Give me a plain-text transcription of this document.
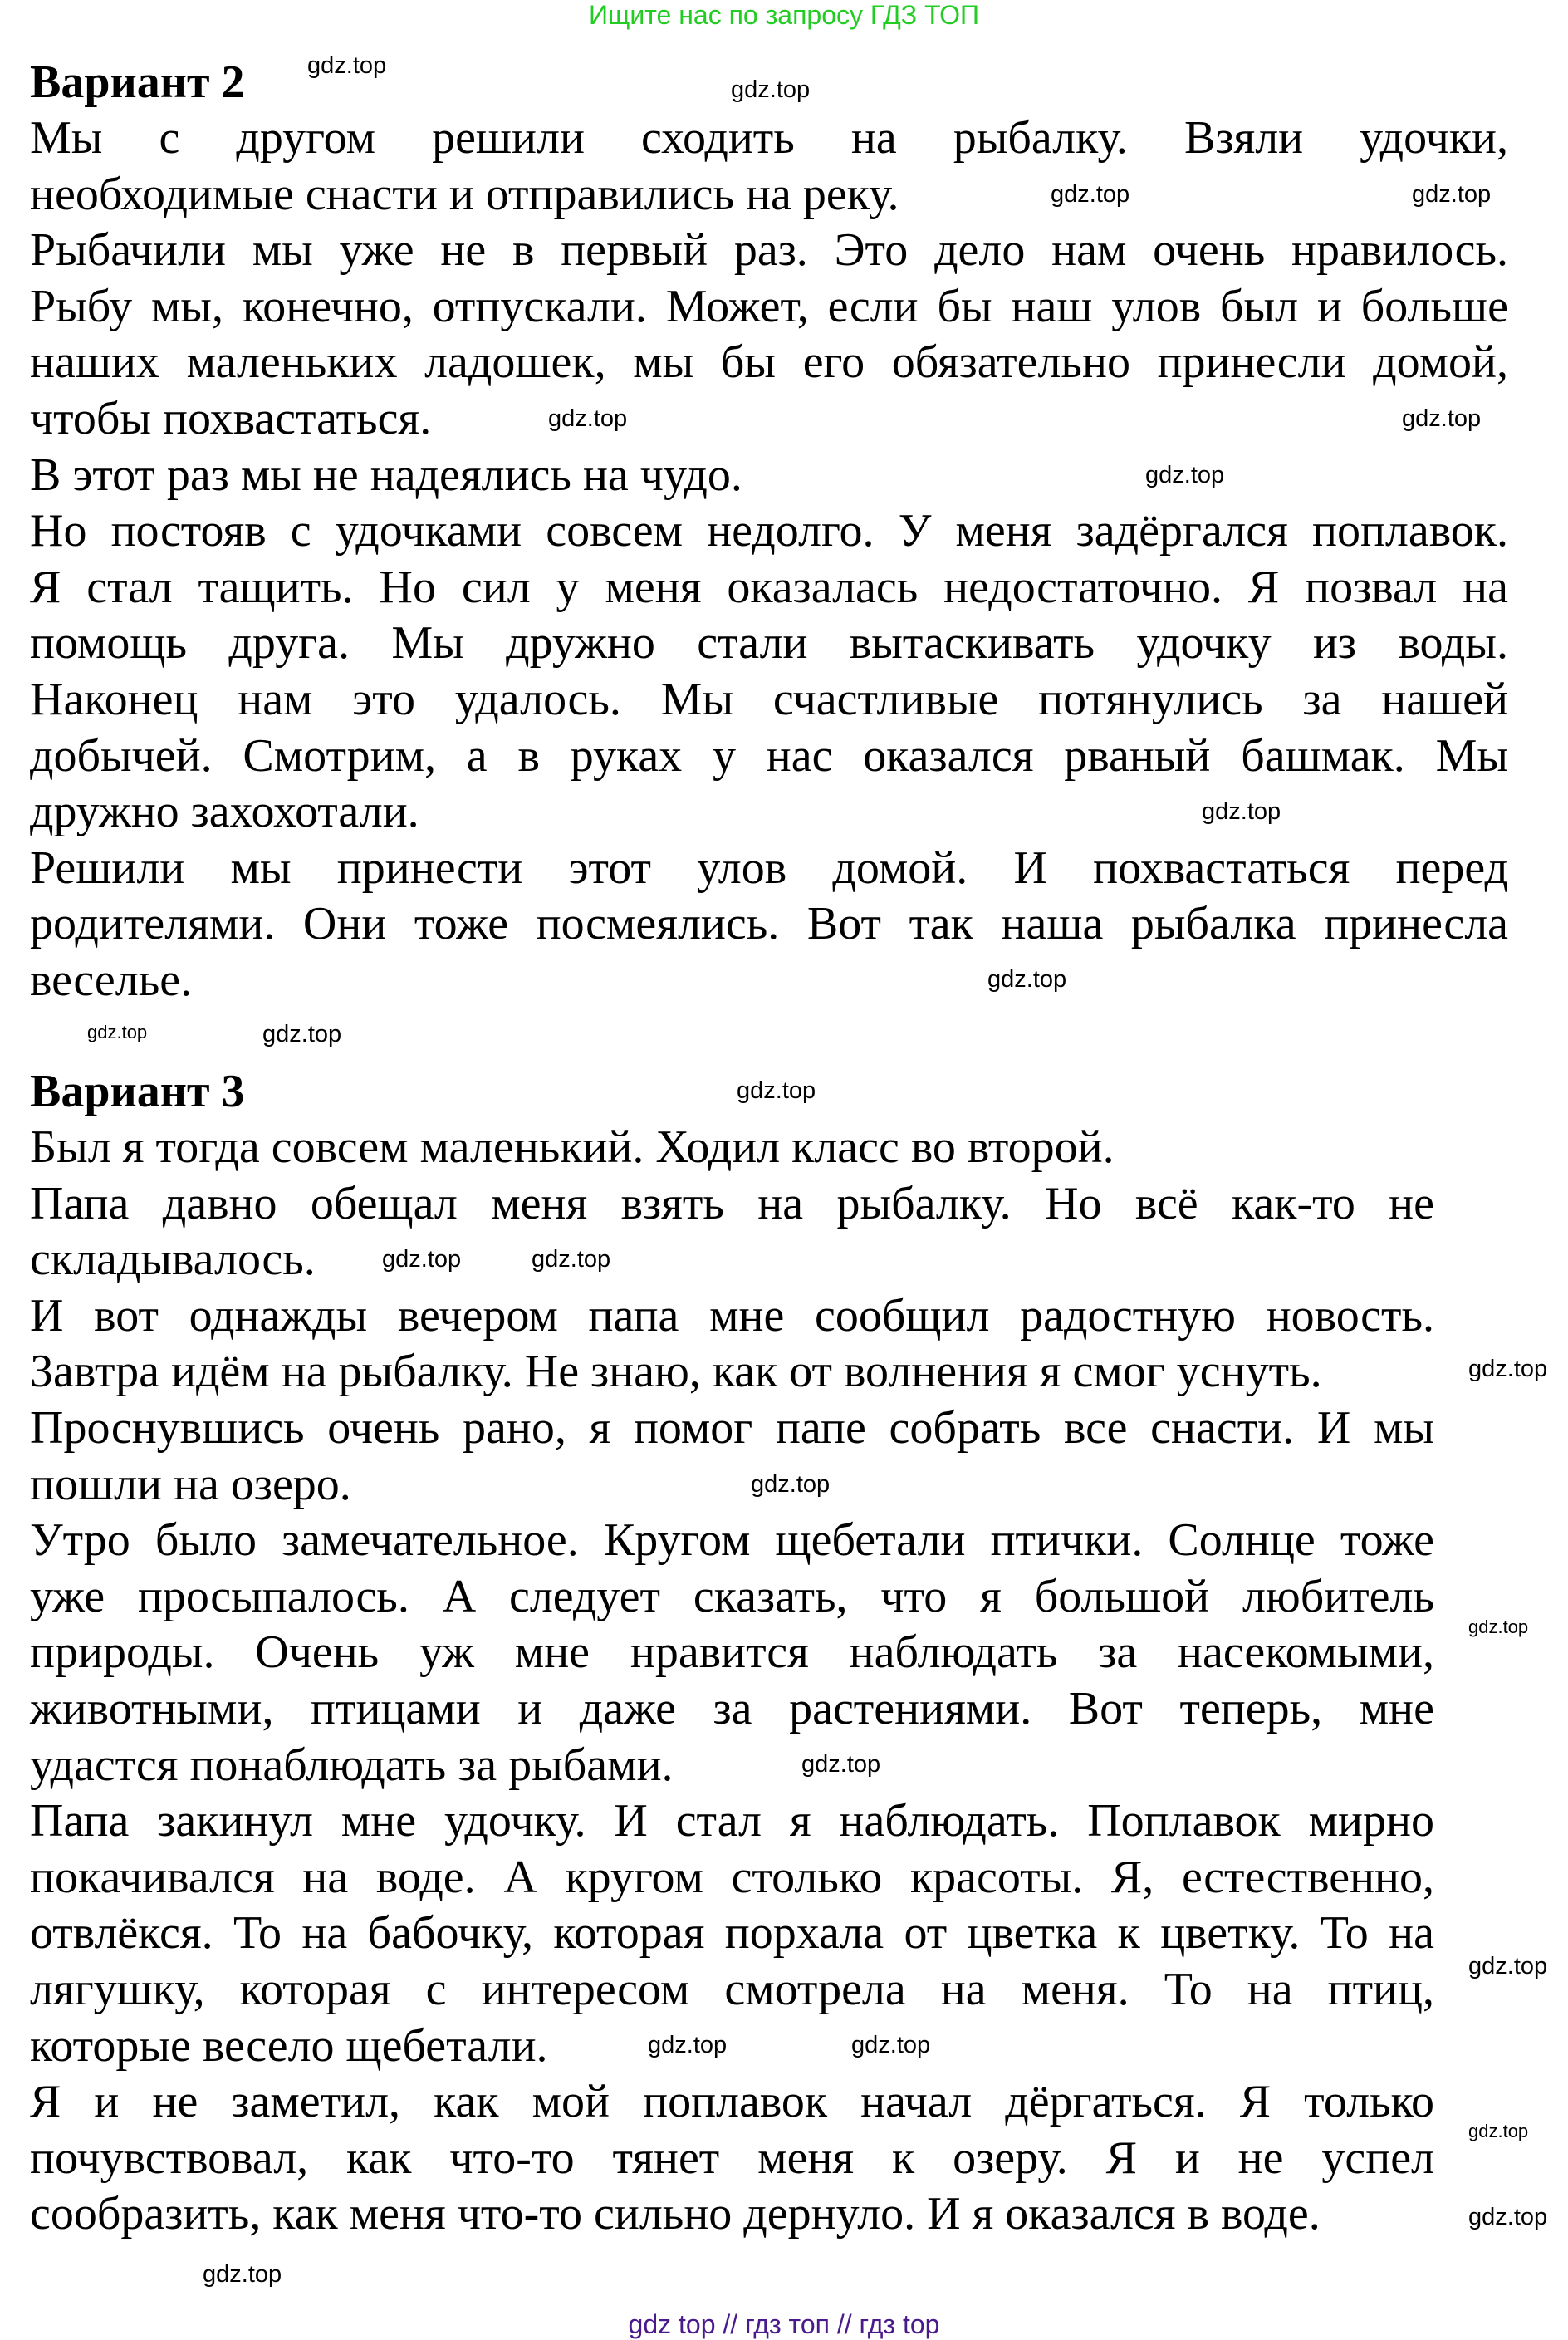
Ищите нас по запросу ГДЗ ТОП
Вариант 2
Мы с другом решили сходить на рыбалку. Взяли удочки,
необходимые снасти и отправились на реку.
Рыбачили мы уже не в первый раз. Это дело нам очень нравилось.
Рыбу мы, конечно, отпускали. Может, если бы наш улов был и больше
наших маленьких ладошек, мы бы его обязательно принесли домой,
чтобы похвастаться.
В этот раз мы не надеялись на чудо.
Но постояв с удочками совсем недолго. У меня задёргался поплавок.
Я стал тащить. Но сил у меня оказалась недостаточно. Я позвал на
помощь друга. Мы дружно стали вытаскивать удочку из воды.
Наконец нам это удалось. Мы счастливые потянулись за нашей
добычей. Смотрим, а в руках у нас оказался рваный башмак. Мы
дружно захохотали.
Решили мы принести этот улов домой. И похвастаться перед
родителями. Они тоже посмеялись. Вот так наша рыбалка принесла
веселье.
Вариант 3
Был я тогда совсем маленький. Ходил класс во второй.
Папа давно обещал меня взять на рыбалку. Но всё как-то не
складывалось.
И вот однажды вечером папа мне сообщил радостную новость.
Завтра идём на рыбалку. Не знаю, как от волнения я смог уснуть.
Проснувшись очень рано, я помог папе собрать все снасти. И мы
пошли на озеро.
Утро было замечательное. Кругом щебетали птички. Солнце тоже
уже просыпалось. А следует сказать, что я большой любитель
природы. Очень уж мне нравится наблюдать за насекомыми,
животными, птицами и даже за растениями. Вот теперь, мне
удастся понаблюдать за рыбами.
Папа закинул мне удочку. И стал я наблюдать. Поплавок мирно
покачивался на воде. А кругом столько красоты. Я, естественно,
отвлёкся. То на бабочку, которая порхала от цветка к цветку. То на
лягушку, которая с интересом смотрела на меня. То на птиц,
которые весело щебетали.
Я и не заметил, как мой поплавок начал дёргаться. Я только
почувствовал, как что-то тянет меня к озеру. Я и не успел
сообразить, как меня что-то сильно дернуло. И я оказался в воде.
gdz.top
gdz.top
gdz.top
gdz.top
gdz.top
gdz.top
gdz.top
gdz.top
gdz.top
gdz.top
gdz.top
gdz.top
gdz.top	gdz.top
gdz.top
gdz.top
gdz.top
gdz.top
gdz.top
gdz.top	gdz.top
gdz.top
gdz.top
gdz.top
gdz top // гдз топ // гдз top
